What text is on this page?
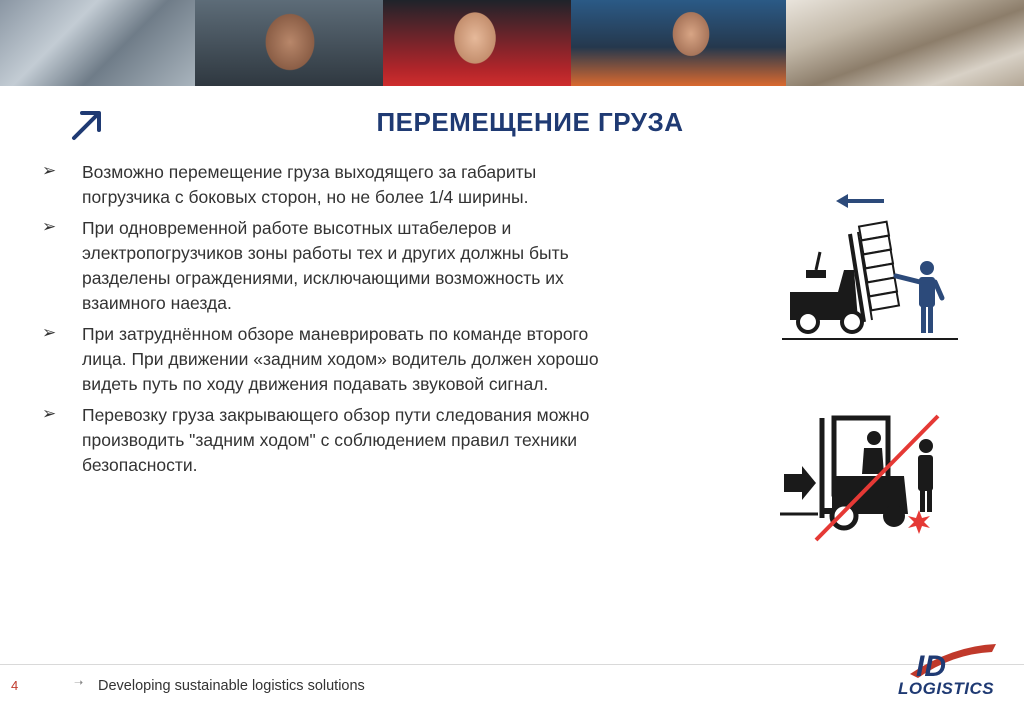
ПЕРЕМЕЩЕНИЕ ГРУЗА
➢ Возможно перемещение груза выходящего за габариты погрузчика с боковых сторон, но не более 1/4 ширины.
➢ При одновременной работе высотных штабелеров и электропогрузчиков зоны работы тех и других должны быть разделены ограждениями, исключающими возможность их взаимного наезда.
➢ При затруднённом обзоре маневрировать по команде второго лица. При движении «задним ходом» водитель должен хорошо видеть путь по ходу движения подавать звуковой сигнал.
➢ Перевозку груза закрывающего обзор пути следования можно производить "задним ходом" с соблюдением правил техники безопасности.
4	➝ Developing sustainable logistics solutions
ID
LOGISTICS
